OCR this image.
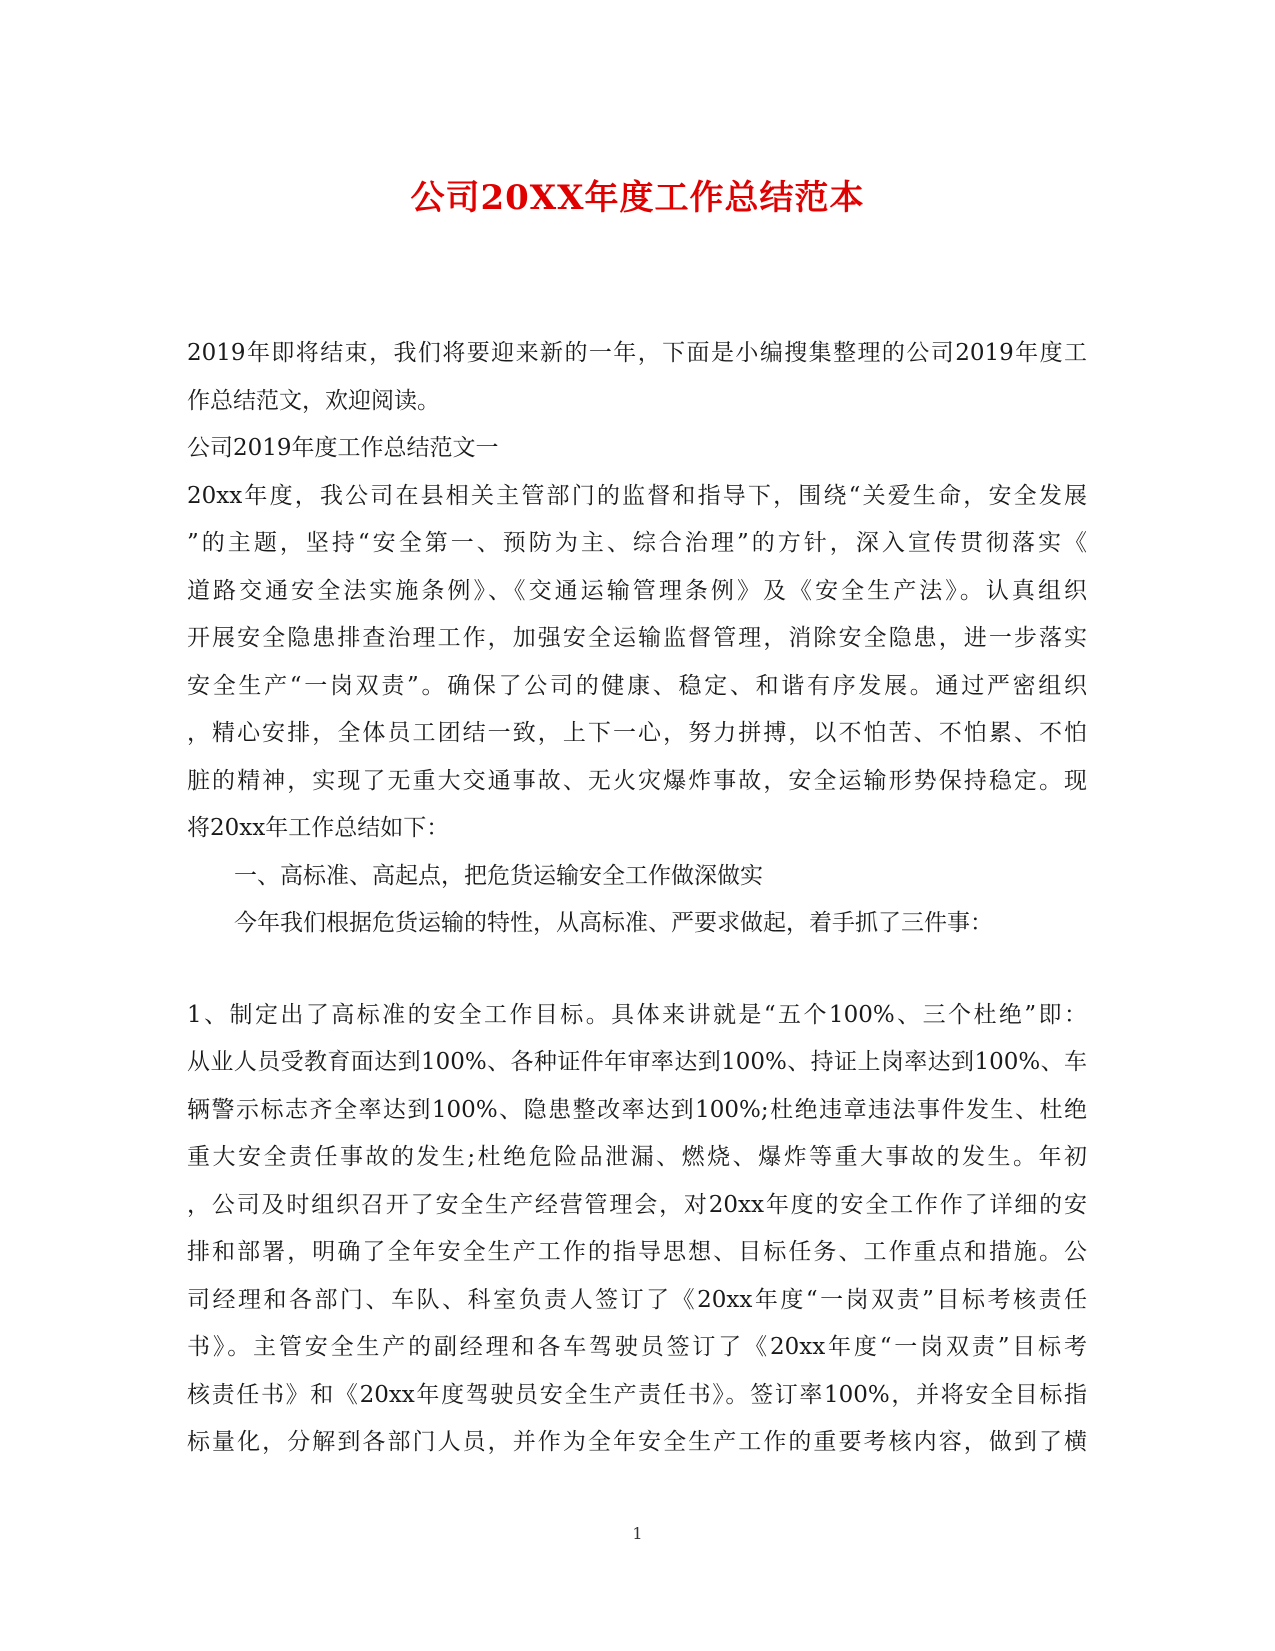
公司20XX年度工作总结范本
2019年即将结束，我们将要迎来新的一年，下面是小编搜集整理的公司2019年度工
作总结范文，欢迎阅读。
公司2019年度工作总结范文一
20xx年度，我公司在县相关主管部门的监督和指导下，围绕“关爱生命，安全发展
”的主题，坚持“安全第一、预防为主、综合治理”的方针，深入宣传贯彻落实《
道路交通安全法实施条例》、《交通运输管理条例》及《安全生产法》。认真组织
开展安全隐患排查治理工作，加强安全运输监督管理，消除安全隐患，进一步落实
安全生产“一岗双责”。确保了公司的健康、稳定、和谐有序发展。通过严密组织
，精心安排，全体员工团结一致，上下一心，努力拼搏，以不怕苦、不怕累、不怕
脏的精神，实现了无重大交通事故、无火灾爆炸事故，安全运输形势保持稳定。现
将20xx年工作总结如下：
一、高标准、高起点，把危货运输安全工作做深做实
今年我们根据危货运输的特性，从高标准、严要求做起，着手抓了三件事：
1、制定出了高标准的安全工作目标。具体来讲就是“五个100%、三个杜绝”即：
从业人员受教育面达到100%、各种证件年审率达到100%、持证上岗率达到100%、车
辆警示标志齐全率达到100%、隐患整改率达到100%;杜绝违章违法事件发生、杜绝
重大安全责任事故的发生;杜绝危险品泄漏、燃烧、爆炸等重大事故的发生。年初
，公司及时组织召开了安全生产经营管理会，对20xx年度的安全工作作了详细的安
排和部署，明确了全年安全生产工作的指导思想、目标任务、工作重点和措施。公
司经理和各部门、车队、科室负责人签订了《20xx年度“一岗双责”目标考核责任
书》。主管安全生产的副经理和各车驾驶员签订了《20xx年度“一岗双责”目标考
核责任书》和《20xx年度驾驶员安全生产责任书》。签订率100%，并将安全目标指
标量化，分解到各部门人员，并作为全年安全生产工作的重要考核内容，做到了横
1
